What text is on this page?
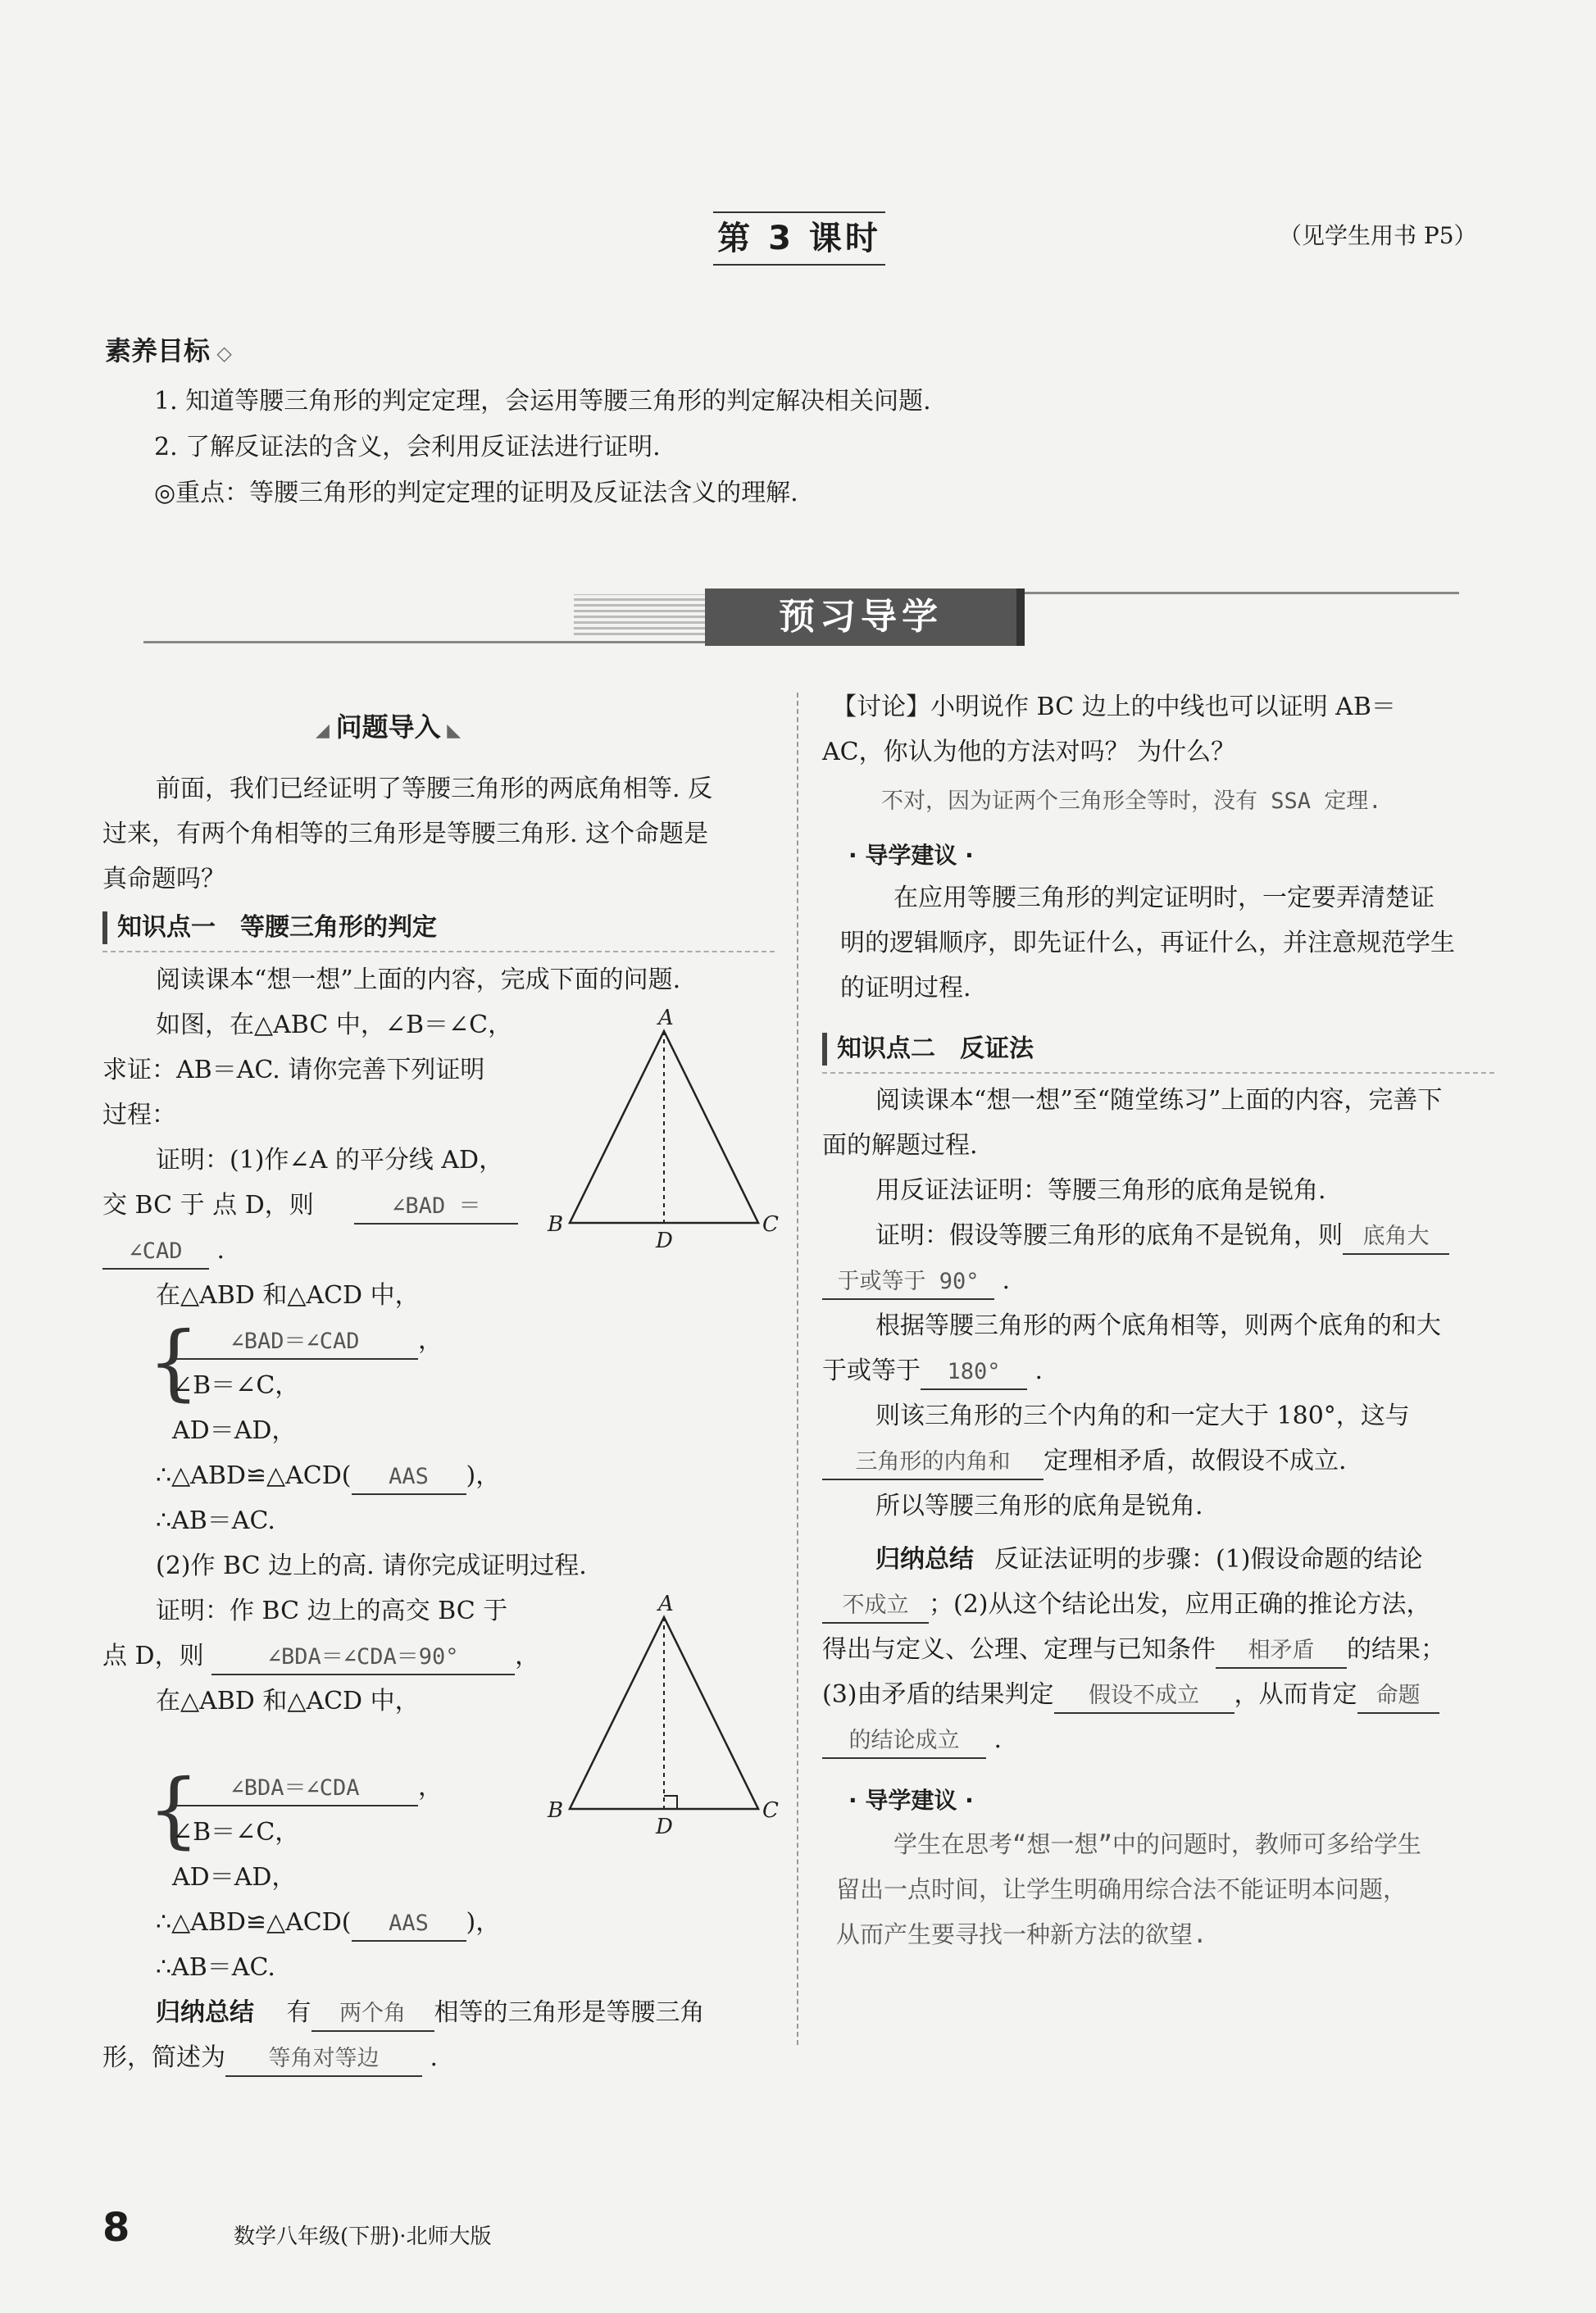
第 3 课时	（见学生用书 P5）
素养目标 ◇
1. 知道等腰三角形的判定定理，会运用等腰三角形的判定解决相关问题.
2. 了解反证法的含义，会利用反证法进行证明.
◎重点：等腰三角形的判定定理的证明及反证法含义的理解.
预习导学
◢ 问题导入 ◣
前面，我们已经证明了等腰三角形的两底角相等. 反
过来，有两个角相等的三角形是等腰三角形. 这个命题是
真命题吗？
知识点一　等腰三角形的判定
阅读课本“想一想”上面的内容，完成下面的问题.
如图，在△ABC 中，∠B＝∠C，
求证：AB＝AC. 请你完善下列证明
过程：
A
B	C
D
证明：(1)作∠A 的平分线 AD，
交 BC 于 点 D，则	∠BAD ＝
∠CAD .
在△ABD 和△ACD 中，
{	∠BAD＝∠CAD ，
∠B＝∠C，
AD＝AD，
∴△ABD≌△ACD( AAS )，
∴AB＝AC.
(2)作 BC 边上的高. 请你完成证明过程.
证明：作 BC 边上的高交 BC 于
点 D，则	∠BDA＝∠CDA＝90° ，
在△ABD 和△ACD 中，
A
B	C
D
{	∠BDA＝∠CDA ，
∠B＝∠C，
AD＝AD，
∴△ABD≌△ACD( AAS )，
∴AB＝AC.
归纳总结 有 两个角 相等的三角形是等腰三角
形，简述为 等角对等边 .
【讨论】小明说作 BC 边上的中线也可以证明 AB＝
AC，你认为他的方法对吗？ 为什么？
不对，因为证两个三角形全等时，没有 SSA 定理.
· 导学建议 ·
在应用等腰三角形的判定证明时，一定要弄清楚证
明的逻辑顺序，即先证什么，再证什么，并注意规范学生
的证明过程.
知识点二　反证法
阅读课本“想一想”至“随堂练习”上面的内容，完善下
面的解题过程.
用反证法证明：等腰三角形的底角是锐角.
证明：假设等腰三角形的底角不是锐角，则 底角大
于或等于 90° .
根据等腰三角形的两个底角相等，则两个底角的和大
于或等于 180° .
则该三角形的三个内角的和一定大于 180°，这与
三角形的内角和 定理相矛盾，故假设不成立.
所以等腰三角形的底角是锐角.
归纳总结 反证法证明的步骤：(1)假设命题的结论
不成立 ；(2)从这个结论出发，应用正确的推论方法，
得出与定义、公理、定理与已知条件 相矛盾 的结果；
(3)由矛盾的结果判定 假设不成立 ，从而肯定 命题
的结论成立 .
· 导学建议 ·
学生在思考“想一想”中的问题时，教师可多给学生
留出一点时间，让学生明确用综合法不能证明本问题，
从而产生要寻找一种新方法的欲望.
8	数学八年级(下册)·北师大版
